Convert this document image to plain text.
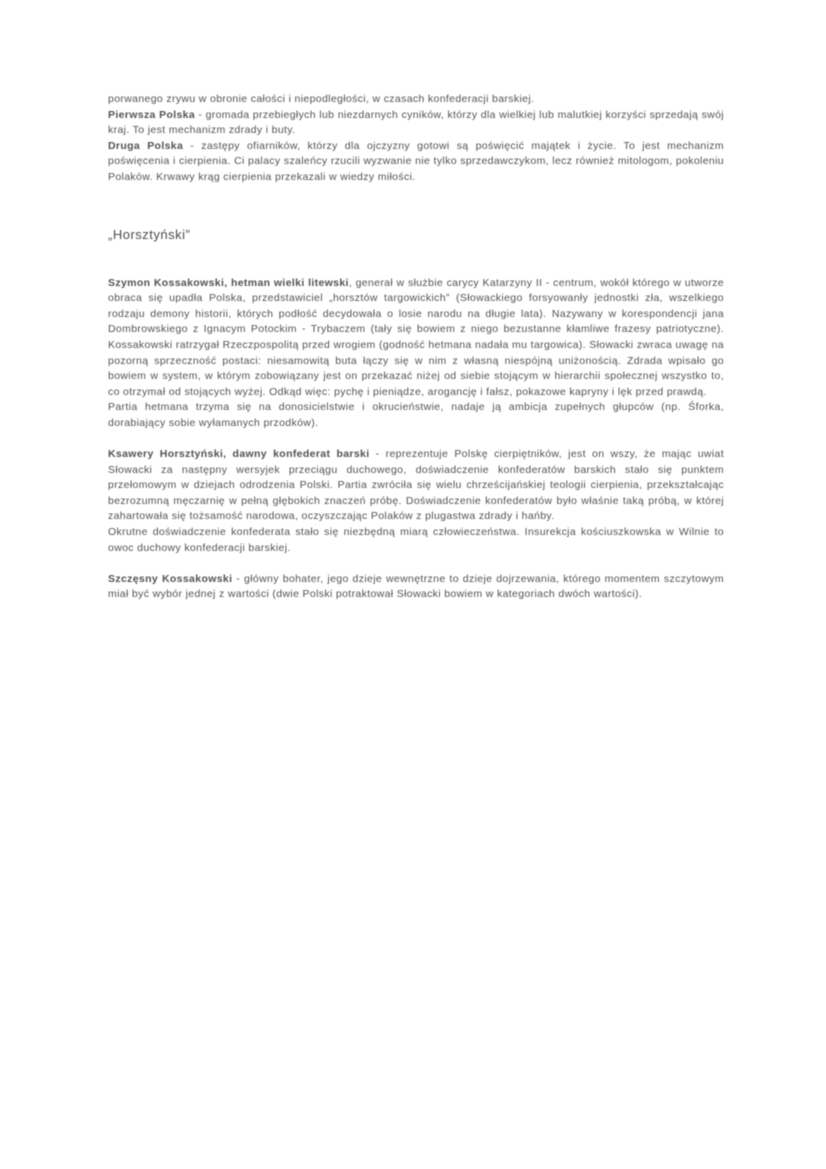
porwanego zrywu w obronie całości i niepodległości, w czasach konfederacji barskiej.

Pierwsza Polska - gromada przebiegłych lub niezdarnych cyników, którzy dla wielkiej lub malutkiej korzyści sprzedają swój kraj. To jest mechanizm zdrady i buty.

Druga Polska - zastępy ofiarników, którzy dla ojczyzny gotowi są poświęcić majątek i życie. To jest mechanizm poświęcenia i cierpienia. Ci palacy szaleńcy rzucili wyzwanie nie tylko sprzedawczykom, lecz również mitologom, pokoleniu Polaków. Krwawy krąg cierpienia przekazali w wiedzy miłości.

„Horsztyński”

Szymon Kossakowski, hetman wielki litewski, generał w służbie carycy Katarzyny II - centrum, wokół którego w utworze obraca się upadła Polska, przedstawiciel „horsztów targowickich” (Słowackiego forsyowanły jednostki zła, wszelkiego rodzaju demony historii, których podłość decydowała o losie narodu na długie lata). Nazywany w korespondencji jana Dombrowskiego z Ignacym Potockim - Trybaczem (tały się bowiem z niego bezustanne kłamliwe frazesy patriotyczne). Kossakowski ratrzygał Rzeczpospolitą przed wrogiem (godność hetmana nadała mu targowica). Słowacki zwraca uwagę na pozorną sprzeczność postaci: niesamowitą buta łączy się w nim z własną niespójną uniżonością. Zdrada wpisało go bowiem w system, w którym zobowiązany jest on przekazać niżej od siebie stojącym w hierarchii społecznej wszystko to, co otrzymał od stojących wyżej. Odkąd więc: pychę i pieniądze, arogancję i fałsz, pokazowe kapryny i lęk przed prawdą.

Partia hetmana trzyma się na donosicielstwie i okrucieństwie, nadaje ją ambicja zupełnych głupców (np. Śforka, dorabiający sobie wyłamanych przodków).

Ksawery Horsztyński, dawny konfederat barski - reprezentuje Polskę cierpiętników, jest on wszy, że mając uwiat Słowacki za następny wersyjek przeciągu duchowego, doświadczenie konfederatów barskich stało się punktem przełomowym w dziejach odrodzenia Polski. Partia zwróciła się wielu chrześcijańskiej teologii cierpienia, przekształcając bezrozumną męczarnię w pełną głębokich znaczeń próbę. Doświadczenie konfederatów było właśnie taką próbą, w której zahartowała się tożsamość narodowa, oczyszczając Polaków z plugastwa zdrady i hańby.

Okrutne doświadczenie konfederata stało się niezbędną miarą człowieczeństwa. Insurekcja kościuszkowska w Wilnie to owoc duchowy konfederacji barskiej.

Szczęsny Kossakowski - główny bohater, jego dzieje wewnętrzne to dzieje dojrzewania, którego momentem szczytowym miał być wybór jednej z wartości (dwie Polski potraktował Słowacki bowiem w kategoriach dwóch wartości).
